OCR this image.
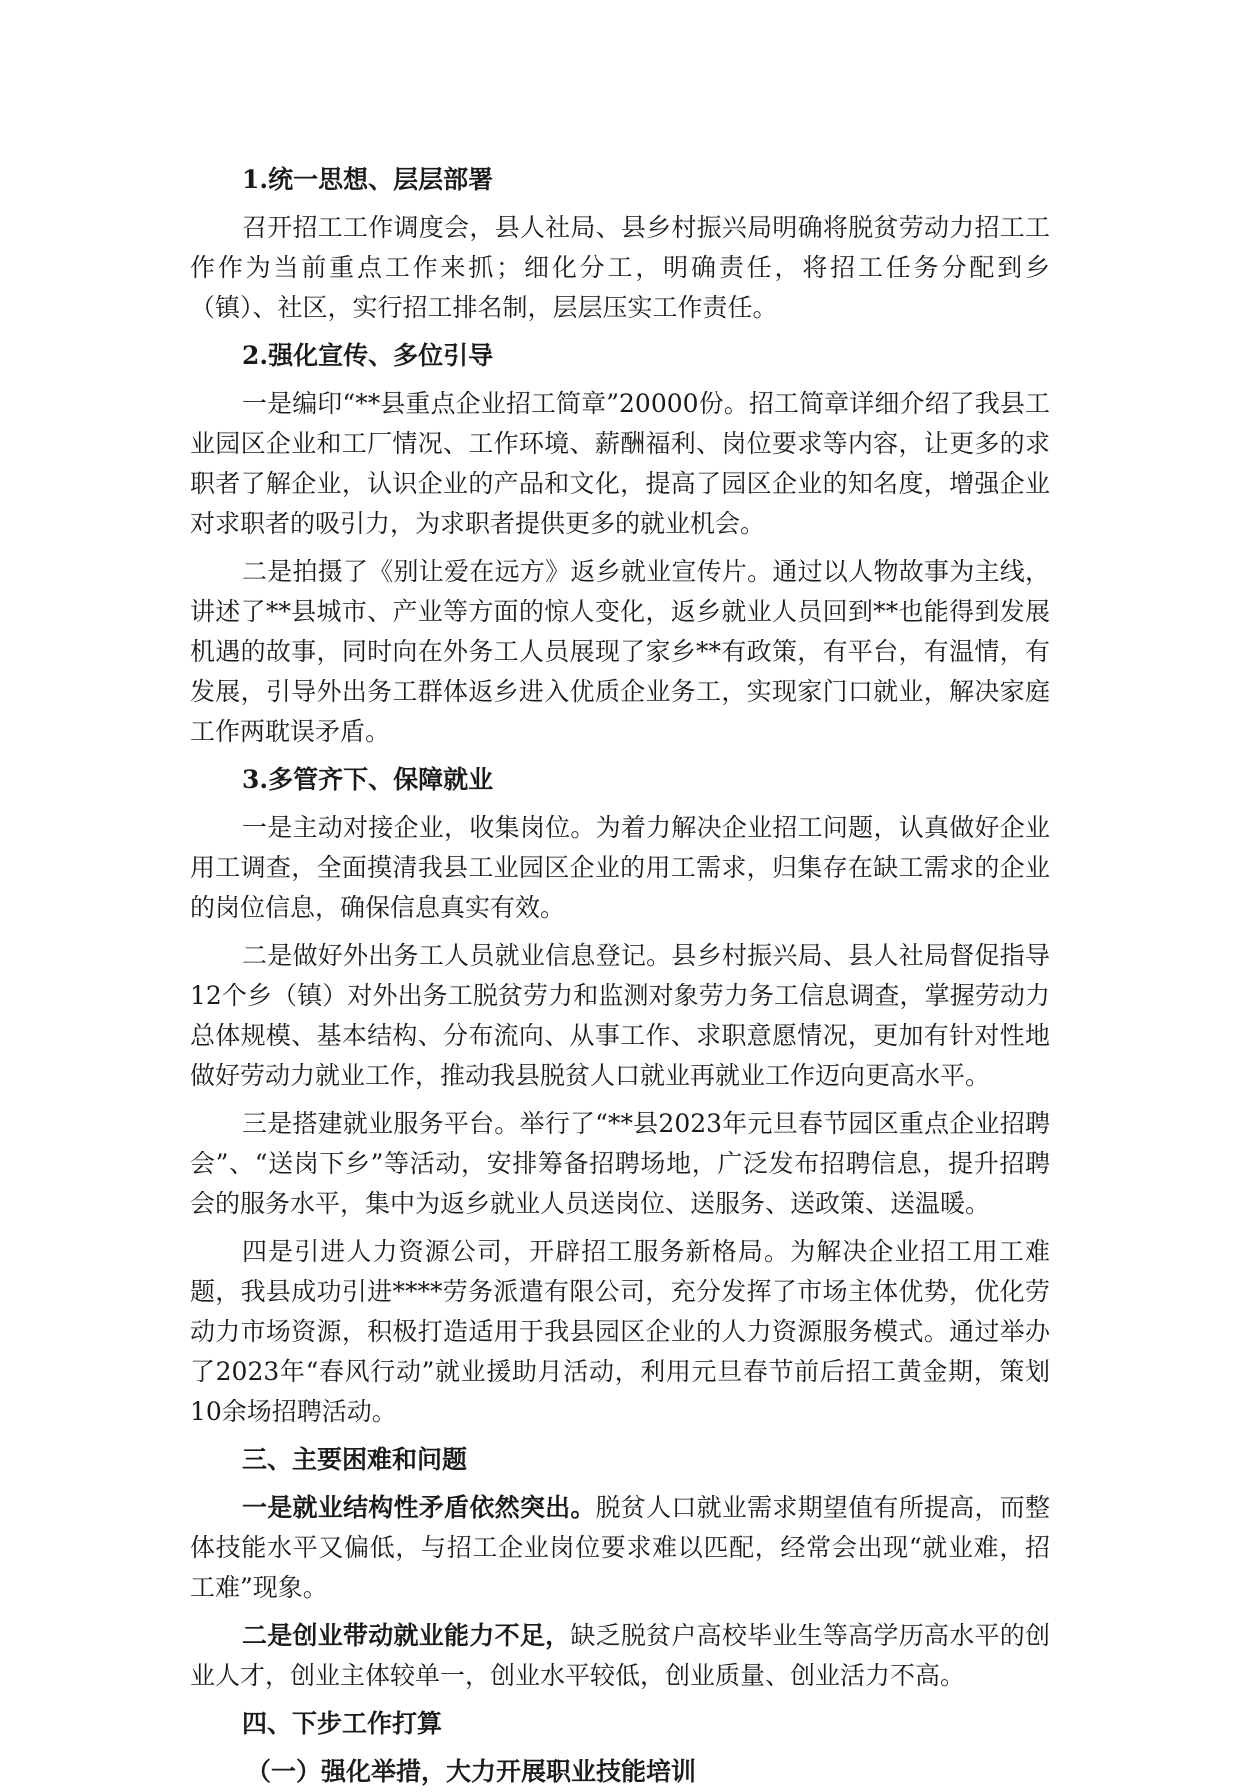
1.统一思想、层层部署
召开招工工作调度会，县人社局、县乡村振兴局明确将脱贫劳动力招工工作作为当前重点工作来抓；细化分工，明确责任，将招工任务分配到乡（镇）、社区，实行招工排名制，层层压实工作责任。
2.强化宣传、多位引导
一是编印“**县重点企业招工简章”20000份。招工简章详细介绍了我县工业园区企业和工厂情况、工作环境、薪酬福利、岗位要求等内容，让更多的求职者了解企业，认识企业的产品和文化，提高了园区企业的知名度，增强企业对求职者的吸引力，为求职者提供更多的就业机会。
二是拍摄了《别让爱在远方》返乡就业宣传片。通过以人物故事为主线，讲述了**县城市、产业等方面的惊人变化，返乡就业人员回到**也能得到发展机遇的故事，同时向在外务工人员展现了家乡**有政策，有平台，有温情，有发展，引导外出务工群体返乡进入优质企业务工，实现家门口就业，解决家庭工作两耽误矛盾。
3.多管齐下、保障就业
一是主动对接企业，收集岗位。为着力解决企业招工问题，认真做好企业用工调查，全面摸清我县工业园区企业的用工需求，归集存在缺工需求的企业的岗位信息，确保信息真实有效。
二是做好外出务工人员就业信息登记。县乡村振兴局、县人社局督促指导12个乡（镇）对外出务工脱贫劳力和监测对象劳力务工信息调查，掌握劳动力总体规模、基本结构、分布流向、从事工作、求职意愿情况，更加有针对性地做好劳动力就业工作，推动我县脱贫人口就业再就业工作迈向更高水平。
三是搭建就业服务平台。举行了“**县2023年元旦春节园区重点企业招聘会”、“送岗下乡”等活动，安排筹备招聘场地，广泛发布招聘信息，提升招聘会的服务水平，集中为返乡就业人员送岗位、送服务、送政策、送温暖。
四是引进人力资源公司，开辟招工服务新格局。为解决企业招工用工难题，我县成功引进****劳务派遣有限公司，充分发挥了市场主体优势，优化劳动力市场资源，积极打造适用于我县园区企业的人力资源服务模式。通过举办了2023年“春风行动”就业援助月活动，利用元旦春节前后招工黄金期，策划10余场招聘活动。
三、主要困难和问题
一是就业结构性矛盾依然突出。脱贫人口就业需求期望值有所提高，而整体技能水平又偏低，与招工企业岗位要求难以匹配，经常会出现“就业难，招工难”现象。
二是创业带动就业能力不足，缺乏脱贫户高校毕业生等高学历高水平的创业人才，创业主体较单一，创业水平较低，创业质量、创业活力不高。
四、下步工作打算
（一）强化举措，大力开展职业技能培训
